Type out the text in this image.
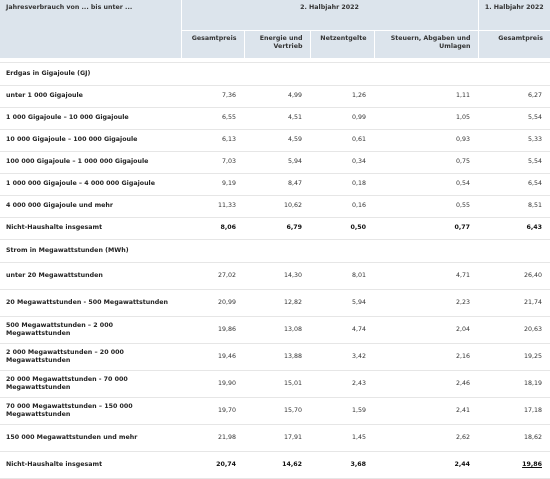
Jahresverbrauch von ... bis unter ...	2. Halbjahr 2022				1. Halbjahr 2022
	Gesamtpreis	Energie und Vertrieb	Netzentgelte	Steuern, Abgaben und Umlagen	Gesamtpreis

Erdgas in Gigajoule (GJ)					
unter 1 000 Gigajoule	7,36	4,99	1,26	1,11	6,27
1 000 Gigajoule – 10 000 Gigajoule	6,55	4,51	0,99	1,05	5,54
10 000 Gigajoule – 100 000 Gigajoule	6,13	4,59	0,61	0,93	5,33
100 000 Gigajoule – 1 000 000 Gigajoule	7,03	5,94	0,34	0,75	5,54
1 000 000 Gigajoule – 4 000 000 Gigajoule	9,19	8,47	0,18	0,54	6,54
4 000 000 Gigajoule und mehr	11,33	10,62	0,16	0,55	8,51
Nicht-Haushalte insgesamt	8,06	6,79	0,50	0,77	6,43
Strom in Megawattstunden (MWh)					
unter 20 Megawattstunden	27,02	14,30	8,01	4,71	26,40
20 Megawattstunden - 500 Megawattstunden	20,99	12,82	5,94	2,23	21,74
500 Megawattstunden – 2 000 Megawattstunden	19,86	13,08	4,74	2,04	20,63
2 000 Megawattstunden – 20 000 Megawattstunden	19,46	13,88	3,42	2,16	19,25
20 000 Megawattstunden - 70 000 Megawattstunden	19,90	15,01	2,43	2,46	18,19
70 000 Megawattstunden – 150 000 Megawattstunden	19,70	15,70	1,59	2,41	17,18
150 000 Megawattstunden und mehr	21,98	17,91	1,45	2,62	18,62
Nicht-Haushalte insgesamt	20,74	14,62	3,68	2,44	19,86
